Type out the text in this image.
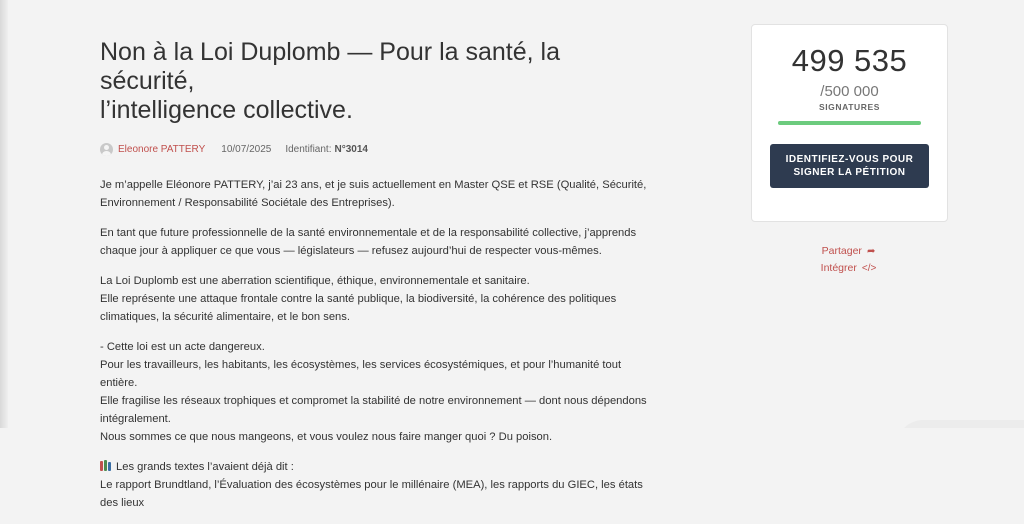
Non à la Loi Duplomb — Pour la santé, la sécurité,
l’intelligence collective.
Eleonore PATTERY 10/07/2025 Identifiant: N°3014

Je m’appelle Eléonore PATTERY, j’ai 23 ans, et je suis actuellement en Master QSE et RSE (Qualité, Sécurité,
Environnement / Responsabilité Sociétale des Entreprises).

En tant que future professionnelle de la santé environnementale et de la responsabilité collective, j’apprends
chaque jour à appliquer ce que vous — législateurs — refusez aujourd’hui de respecter vous-mêmes.

La Loi Duplomb est une aberration scientifique, éthique, environnementale et sanitaire.
Elle représente une attaque frontale contre la santé publique, la biodiversité, la cohérence des politiques
climatiques, la sécurité alimentaire, et le bon sens.

- Cette loi est un acte dangereux.
Pour les travailleurs, les habitants, les écosystèmes, les services écosystémiques, et pour l’humanité tout entière.
Elle fragilise les réseaux trophiques et compromet la stabilité de notre environnement — dont nous dépendons
intégralement.
Nous sommes ce que nous mangeons, et vous voulez nous faire manger quoi ? Du poison.

Les grands textes l’avaient déjà dit :
Le rapport Brundtland, l’Évaluation des écosystèmes pour le millénaire (MEA), les rapports du GIEC, les états des lieux

499 535
/500 000
SIGNATURES
IDENTIFIEZ-VOUS POUR SIGNER LA PÉTITION
Partager ➦
Intégrer </>
